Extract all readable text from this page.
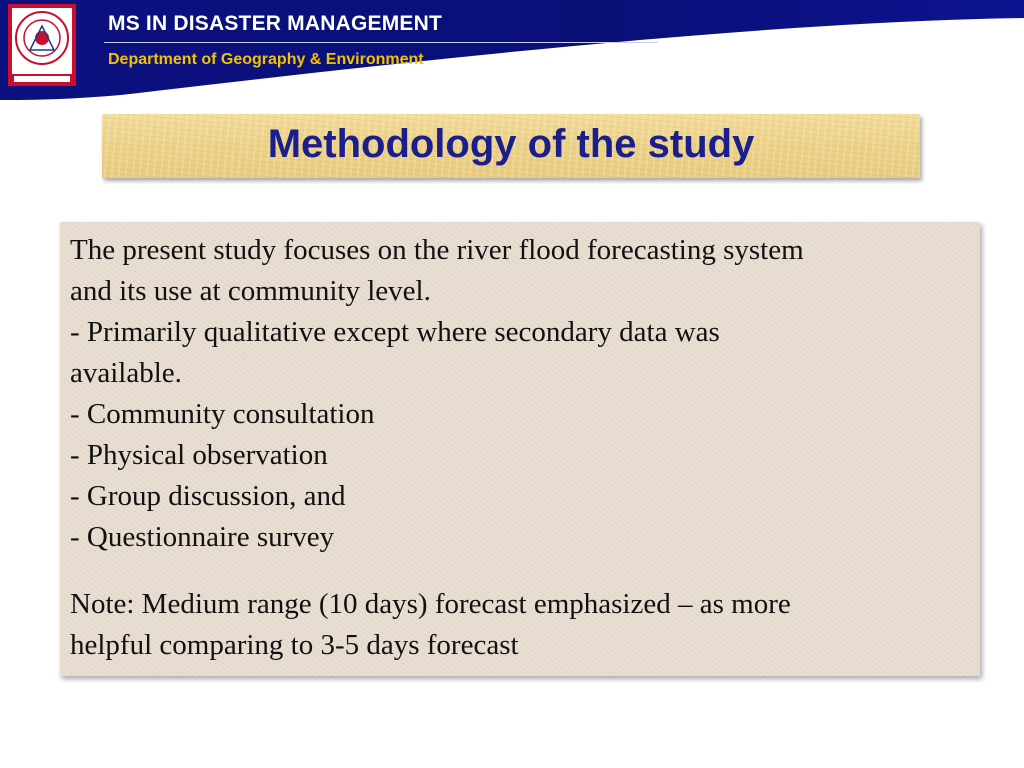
MS IN DISASTER MANAGEMENT
Department of Geography & Environment
Methodology of the study

The present study focuses on the river flood forecasting system

and its use at community level.

- Primarily qualitative except where secondary data was

available.

- Community consultation

- Physical observation

- Group discussion, and

- Questionnaire survey

Note: Medium range (10 days) forecast emphasized – as more

helpful comparing to 3-5 days forecast
